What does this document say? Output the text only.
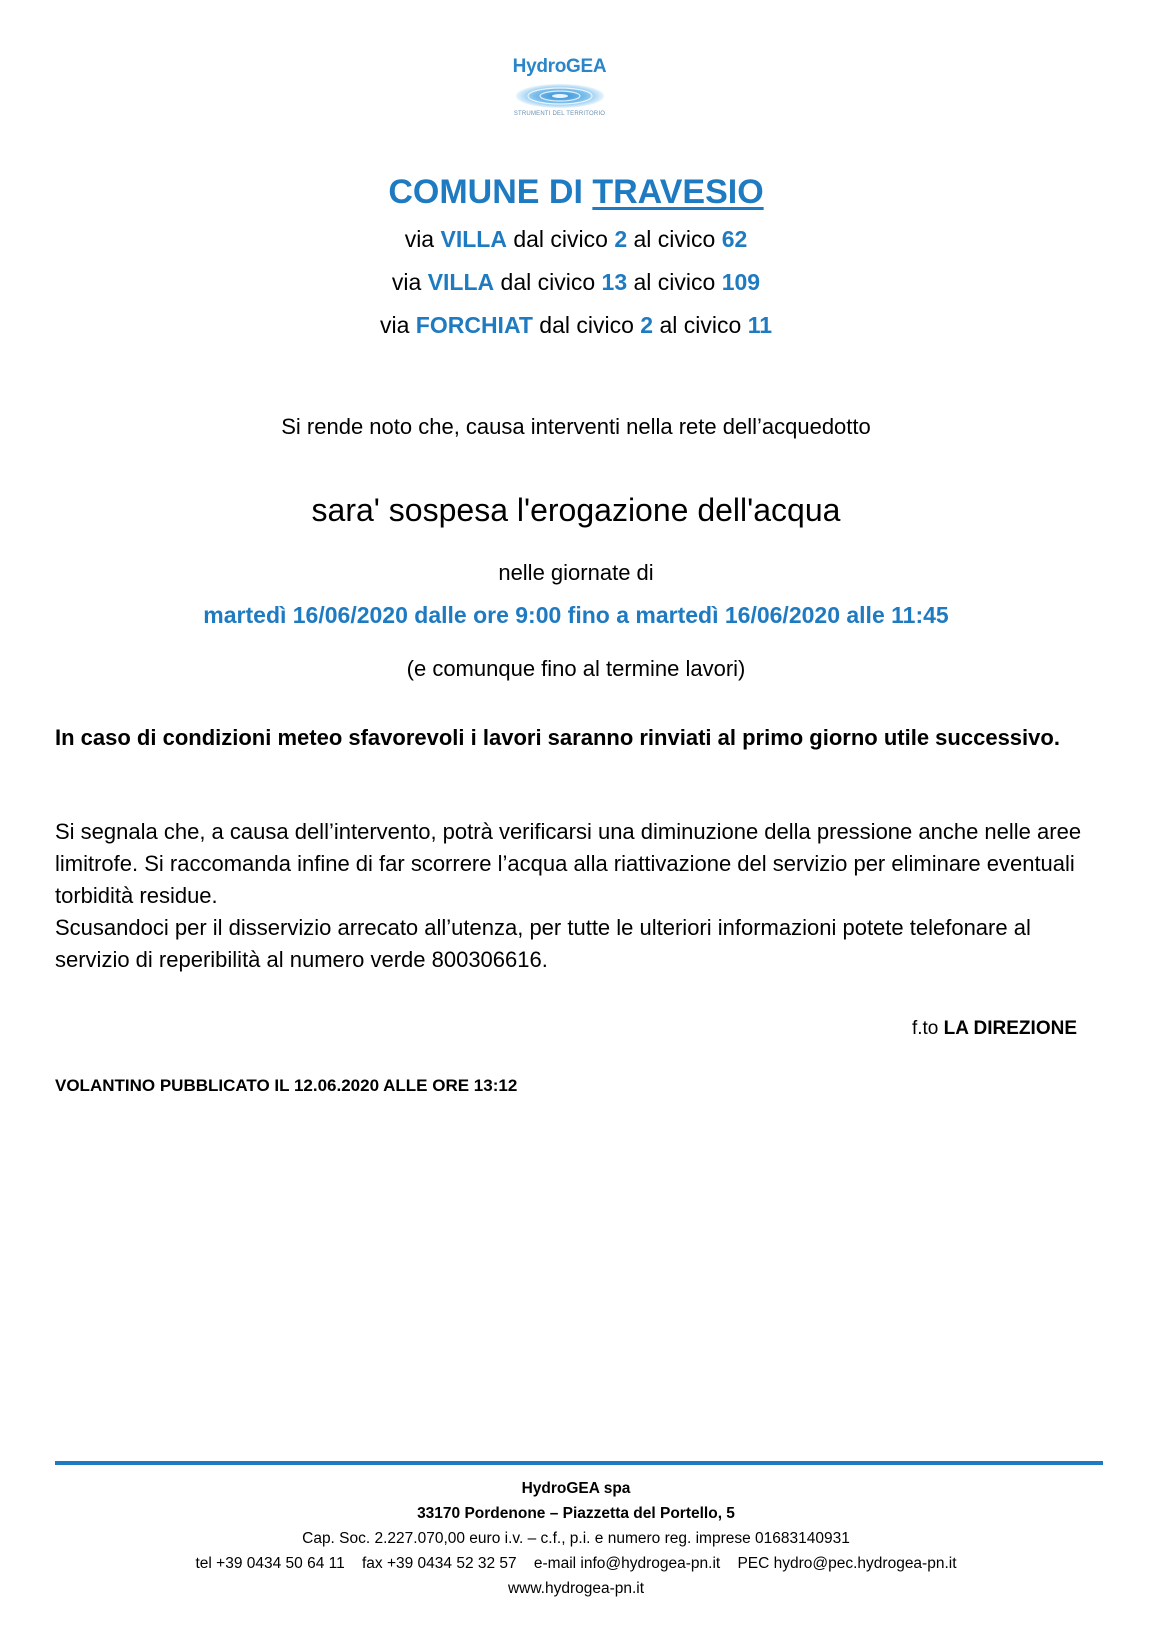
HydroGEA
STRUMENTI DEL TERRITORIO
COMUNE DI TRAVESIO
via VILLA dal civico 2 al civico 62
via VILLA dal civico 13 al civico 109
via FORCHIAT dal civico 2 al civico 11
Si rende noto che, causa interventi nella rete dell’acquedotto
sara' sospesa l'erogazione dell'acqua
nelle giornate di
martedì 16/06/2020 dalle ore 9:00 fino a martedì 16/06/2020 alle 11:45
(e comunque fino al termine lavori)
In caso di condizioni meteo sfavorevoli i lavori saranno rinviati al primo giorno utile successivo.

Si segnala che, a causa dell’intervento, potrà verificarsi una diminuzione della pressione anche nelle aree limitrofe. Si raccomanda infine di far scorrere l’acqua alla riattivazione del servizio per eliminare eventuali torbidità residue.

Scusandoci per il disservizio arrecato all’utenza, per tutte le ulteriori informazioni potete telefonare al servizio di reperibilità al numero verde 800306616.

f.to LA DIREZIONE
VOLANTINO PUBBLICATO IL 12.06.2020 ALLE ORE 13:12
HydroGEA spa
33170 Pordenone – Piazzetta del Portello, 5
Cap. Soc. 2.227.070,00 euro i.v. – c.f., p.i. e numero reg. imprese 01683140931
tel +39 0434 50 64 11    fax +39 0434 52 32 57    e-mail info@hydrogea-pn.it    PEC hydro@pec.hydrogea-pn.it
www.hydrogea-pn.it
